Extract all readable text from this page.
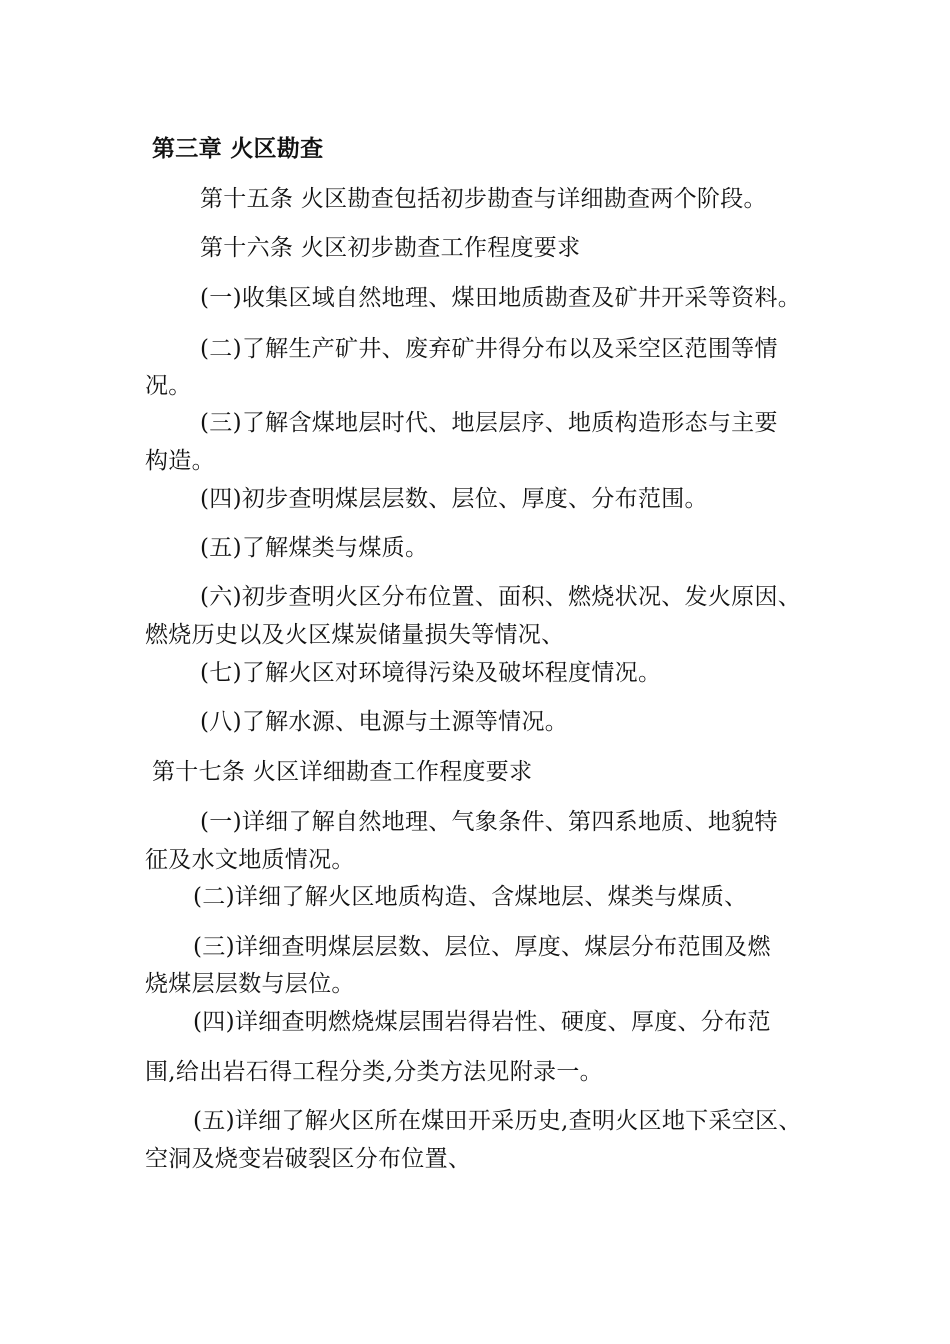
第三章 火区勘查
第十五条 火区勘查包括初步勘查与详细勘查两个阶段。
第十六条 火区初步勘查工作程度要求
(一)收集区域自然地理、煤田地质勘查及矿井开采等资料。
(二)了解生产矿井、废弃矿井得分布以及采空区范围等情
况。
(三)了解含煤地层时代、地层层序、地质构造形态与主要
构造。
(四)初步查明煤层层数、层位、厚度、分布范围。
(五)了解煤类与煤质。
(六)初步查明火区分布位置、面积、燃烧状况、发火原因、
燃烧历史以及火区煤炭储量损失等情况、
(七)了解火区对环境得污染及破坏程度情况。
(八)了解水源、电源与土源等情况。
第十七条 火区详细勘查工作程度要求
(一)详细了解自然地理、气象条件、第四系地质、地貌特
征及水文地质情况。
(二)详细了解火区地质构造、含煤地层、煤类与煤质、
(三)详细查明煤层层数、层位、厚度、煤层分布范围及燃
烧煤层层数与层位。
(四)详细查明燃烧煤层围岩得岩性、硬度、厚度、分布范
围,给出岩石得工程分类,分类方法见附录一。
(五)详细了解火区所在煤田开采历史,查明火区地下采空区、
空洞及烧变岩破裂区分布位置、
